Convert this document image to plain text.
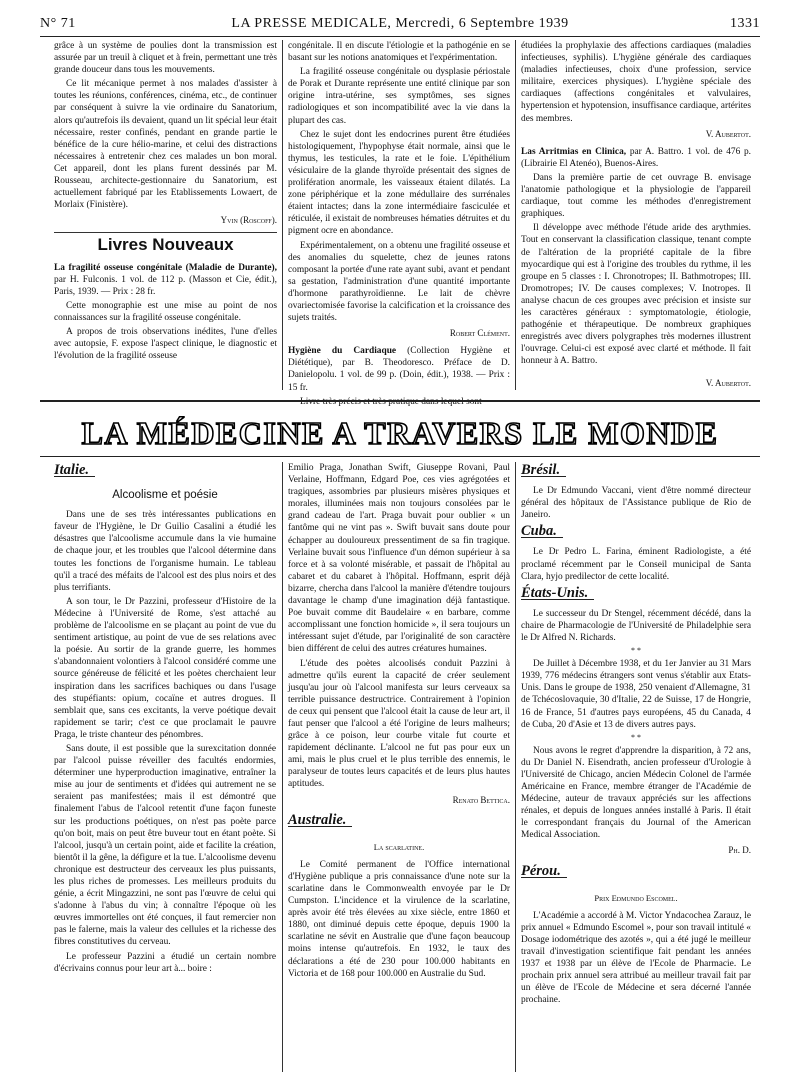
N° 71	LA PRESSE MEDICALE, Mercredi, 6 Septembre 1939	1331

grâce à un système de poulies dont la transmission est assurée par un treuil à cliquet et à frein, permettant une très grande douceur dans tous les mouvements.

Ce lit mécanique permet à nos malades d'assister à toutes les réunions, conférences, cinéma, etc., de continuer par conséquent à suivre la vie ordinaire du Sanatorium, alors qu'autrefois ils devaient, quand un lit spécial leur était nécessaire, rester confinés, pendant en grande partie le bénéfice de la cure hélio-marine, et celui des distractions nécessaires à entretenir chez ces malades un bon moral. Cet appareil, dont les plans furent dessinés par M. Rousseau, architecte-gestionnaire du Sanatorium, est actuellement fabriqué par les Etablissements Lowaert, de Morlaix (Finistère).

Yvin (Roscoff).
Livres Nouveaux

La fragilité osseuse congénitale (Maladie de Durante), par H. Fulconis. 1 vol. de 112 p. (Masson et Cie, édit.), Paris, 1939. — Prix : 28 fr.

Cette monographie est une mise au point de nos connaissances sur la fragilité osseuse congénitale.

A propos de trois observations inédites, l'une d'elles avec autopsie, F. expose l'aspect clinique, le diagnostic et l'évolution de la fragilité osseuse

congénitale. Il en discute l'étiologie et la pathogénie en se basant sur les notions anatomiques et l'expérimentation.

La fragilité osseuse congénitale ou dysplasie périostale de Porak et Durante représente une entité clinique par son origine intra-utérine, ses symptômes, ses signes radiologiques et son incompatibilité avec la vie dans la plupart des cas.

Chez le sujet dont les endocrines purent être étudiées histologiquement, l'hypophyse était normale, ainsi que le thymus, les testicules, la rate et le foie. L'épithélium vésiculaire de la glande thyroïde présentait des signes de prolifération anormale, les vaisseaux étaient dilatés. La zone périphérique et la zone médullaire des surrénales étaient intactes; dans la zone intermédiaire fasciculée et réticulée, il existait de nombreuses hématies détruites et du pigment ocre en abondance.

Expérimentalement, on a obtenu une fragilité osseuse et des anomalies du squelette, chez de jeunes ratons composant la portée d'une rate ayant subi, avant et pendant sa gestation, l'administration d'une quantité importante d'hormone parathyroïdienne. Le lait de chèvre ovariectomisée favorise la calcification et la croissance des sujets traités.

Robert Clément.

Hygiène du Cardiaque (Collection Hygiène et Diététique), par B. Theodoresco. Préface de D. Danielopolu. 1 vol. de 99 p. (Doin, édit.), 1938. — Prix : 15 fr.

étudiées la prophylaxie des affections cardiaques (maladies infectieuses, syphilis). L'hygiène générale des cardiaques (maladies infectieuses, choix d'une profession, service militaire, exercices physiques). L'hygiène spéciale des cardiaques (affections congénitales et valvulaires, hypertension et hypotension, insuffisance cardiaque, artérites des membres.

V. Aubertot.

Las Arritmias en Clinica, par A. Battro. 1 vol. de 476 p. (Librairie El Atenéo), Buenos-Aires.

Dans la première partie de cet ouvrage B. envisage l'anatomie pathologique et la physiologie de l'appareil cardiaque, tout comme les méthodes d'enregistrement graphiques.

Il développe avec méthode l'étude aride des arythmies. Tout en conservant la classification classique, tenant compte de l'altération de la propriété capitale de la fibre myocardique qui est à l'origine des troubles du rythme, il les groupe en 5 classes : I. Chronotropes; II. Bathmotropes; III. Dromotropes; IV. De causes complexes; V. Inotropes. Il analyse chacun de ces groupes avec précision et insiste sur les caractères généraux : symptomatologie, étiologie, pathogénie et thérapeutique. De nombreux graphiques enregistrés avec divers polygraphes très modernes illustrent l'ouvrage. Celui-ci est exposé avec clarté et méthode. Il fait honneur à A. Battro.

V. Aubertot.
LA MÉDECINE A TRAVERS LE MONDE
Italie.
Alcoolisme et poésie

Dans une de ses très intéressantes publications en faveur de l'Hygiène, le Dr Guilio Casalini a étudié les désastres que l'alcoolisme accumule dans la vie humaine de chaque jour, et les troubles que l'alcool détermine dans toutes les fonctions de l'organisme humain. Le tableau qu'il a tracé des méfaits de l'alcool est des plus noirs et des plus terrifiants.

A son tour, le Dr Pazzini, professeur d'Histoire de la Médecine à l'Université de Rome, s'est attaché au problème de l'alcoolisme en se plaçant au point de vue du sentiment artistique, au point de vue de ses relations avec la poésie. Au sortir de la grande guerre, les hommes s'abandonnaient volontiers à l'alcool considéré comme une source généreuse de félicité et les poètes cherchaient leur inspiration dans les sacrifices bachiques ou dans l'usage des stupéfiants: opium, cocaïne et autres drogues. Il semblait que, sans ces excitants, la verve poétique devait rapidement se tarir; c'est ce que proclamait le pauvre Praga, le triste chanteur des pénombres.

Sans doute, il est possible que la surexcitation donnée par l'alcool puisse réveiller des facultés endormies, déterminer une hyperproduction imaginative, entraîner la mise au jour de sentiments et d'idées qui autrement ne se seraient pas manifestées; mais il est démontré que finalement l'abus de l'alcool retentit d'une façon funeste sur les productions poétiques, on n'est pas poète parce qu'on boit, mais on peut être buveur tout en étant poète. Si l'alcool, jusqu'à un certain point, aide et facilite la création, bientôt il la gêne, la défigure et la tue. L'alcoolisme devenu chronique est destructeur des cerveaux les plus puissants, les plus riches de promesses. Les meilleurs produits du génie, a écrit Mingazzini, ne sont pas l'œuvre de celui qui s'adonne à l'abus du vin; à connaître l'époque où les œuvres immortelles ont été conçues, il faut remercier non pas le falerne, mais la valeur des cellules et la richesse des fibres constitutives du cerveau.

Le professeur Pazzini a étudié un certain nombre d'écrivains connus pour leur art à... boire :

Emilio Praga, Jonathan Swift, Giuseppe Rovani, Paul Verlaine, Hoffmann, Edgard Poe, ces vies agrégotées et tragiques, assombries par plusieurs misères physiques et morales, illuminées mais non toujours consolées par le grand cadeau de l'art. Praga buvait pour oublier « un fantôme qui ne vint pas ». Swift buvait sans doute pour échapper au douloureux pressentiment de sa fin tragique. Verlaine buvait sous l'influence d'un démon supérieur à sa force et à sa volonté misérable, et passait de l'hôpital au cabaret et du cabaret à l'hôpital. Hoffmann, esprit déjà bizarre, chercha dans l'alcool la manière d'étendre toujours davantage le champ d'une imagination déjà fantastique. Poe buvait comme dit Baudelaire « en barbare, comme accomplissant une fonction homicide », il sera toujours un intéressant sujet d'étude, par l'originalité de son caractère bien différent de celui des autres créatures humaines.

L'étude des poètes alcoolisés conduit Pazzini à admettre qu'ils eurent la capacité de créer seulement jusqu'au jour où l'alcool manifesta sur leurs cerveaux sa terrible puissance destructrice. Contrairement à l'opinion de ceux qui pensent que l'alcool était la cause de leur art, il faut penser que l'alcool a été l'origine de leurs malheurs; grâce à ce poison, leur courbe vitale fut courte et rapidement déclinante. L'alcool ne fut pas pour eux un ami, mais le plus cruel et le plus terrible des ennemis, le paralyseur de toutes leurs capacités et de leurs plus hautes aptitudes.

Renato Bettica.
Australie.
La scarlatine.

Le Comité permanent de l'Office international d'Hygiène publique a pris connaissance d'une note sur la scarlatine dans le Commonwealth envoyée par le Dr Cumpston. L'incidence et la virulence de la scarlatine, après avoir été très élevées au xixe siècle, entre 1860 et 1880, ont diminué depuis cette époque, depuis 1900 la scarlatine ne sévit en Australie que d'une façon beaucoup moins intense qu'autrefois. En 1932, le taux des déclarations a été de 230 pour 100.000 habitants en Victoria et de 168 pour 100.000 en Australie du Sud.

Brésil.

Le Dr Edmundo Vaccani, vient d'être nommé directeur général des hôpitaux de l'Assistance publique de Rio de Janeiro.

Cuba.

Le Dr Pedro L. Farina, éminent Radiologiste, a été proclamé récemment par le Conseil municipal de Santa Clara, hyjo predilector de cette localité.

États-Unis.

Le successeur du Dr Stengel, récemment décédé, dans la chaire de Pharmacologie de l'Université de Philadelphie sera le Dr Alfred N. Richards.

* *

De Juillet à Décembre 1938, et du 1er Janvier au 31 Mars 1939, 776 médecins étrangers sont venus s'établir aux Etats-Unis. Dans le groupe de 1938, 250 venaient d'Allemagne, 31 de Tchécoslovaquie, 30 d'Italie, 22 de Suisse, 17 de Hongrie, 16 de France, 51 d'autres pays européens, 45 du Canada, 4 de Cuba, 20 d'Asie et 13 de divers autres pays.

* *

Nous avons le regret d'apprendre la disparition, à 72 ans, du Dr Daniel N. Eisendrath, ancien professeur d'Urologie à l'Université de Chicago, ancien Médecin Colonel de l'armée Américaine en France, membre étranger de l'Académie de Médecine, auteur de travaux appréciés sur les affections rénales, et depuis de longues années installé à Paris. Il était le correspondant français du Journal of the American Medical Association.

Ph. D.
Pérou.
Prix Edmundo Escomel.

L'Académie a accordé à M. Victor Yndacochea Zarauz, le prix annuel « Edmundo Escomel », pour son travail intitulé « Dosage iodométrique des azotés », qui a été jugé le meilleur travail d'investigation scientifique fait pendant les années 1937 et 1938 par un élève de l'Ecole de Pharmacie. Le prochain prix annuel sera attribué au meilleur travail fait par un élève de l'Ecole de Médecine et sera décerné l'année prochaine.
